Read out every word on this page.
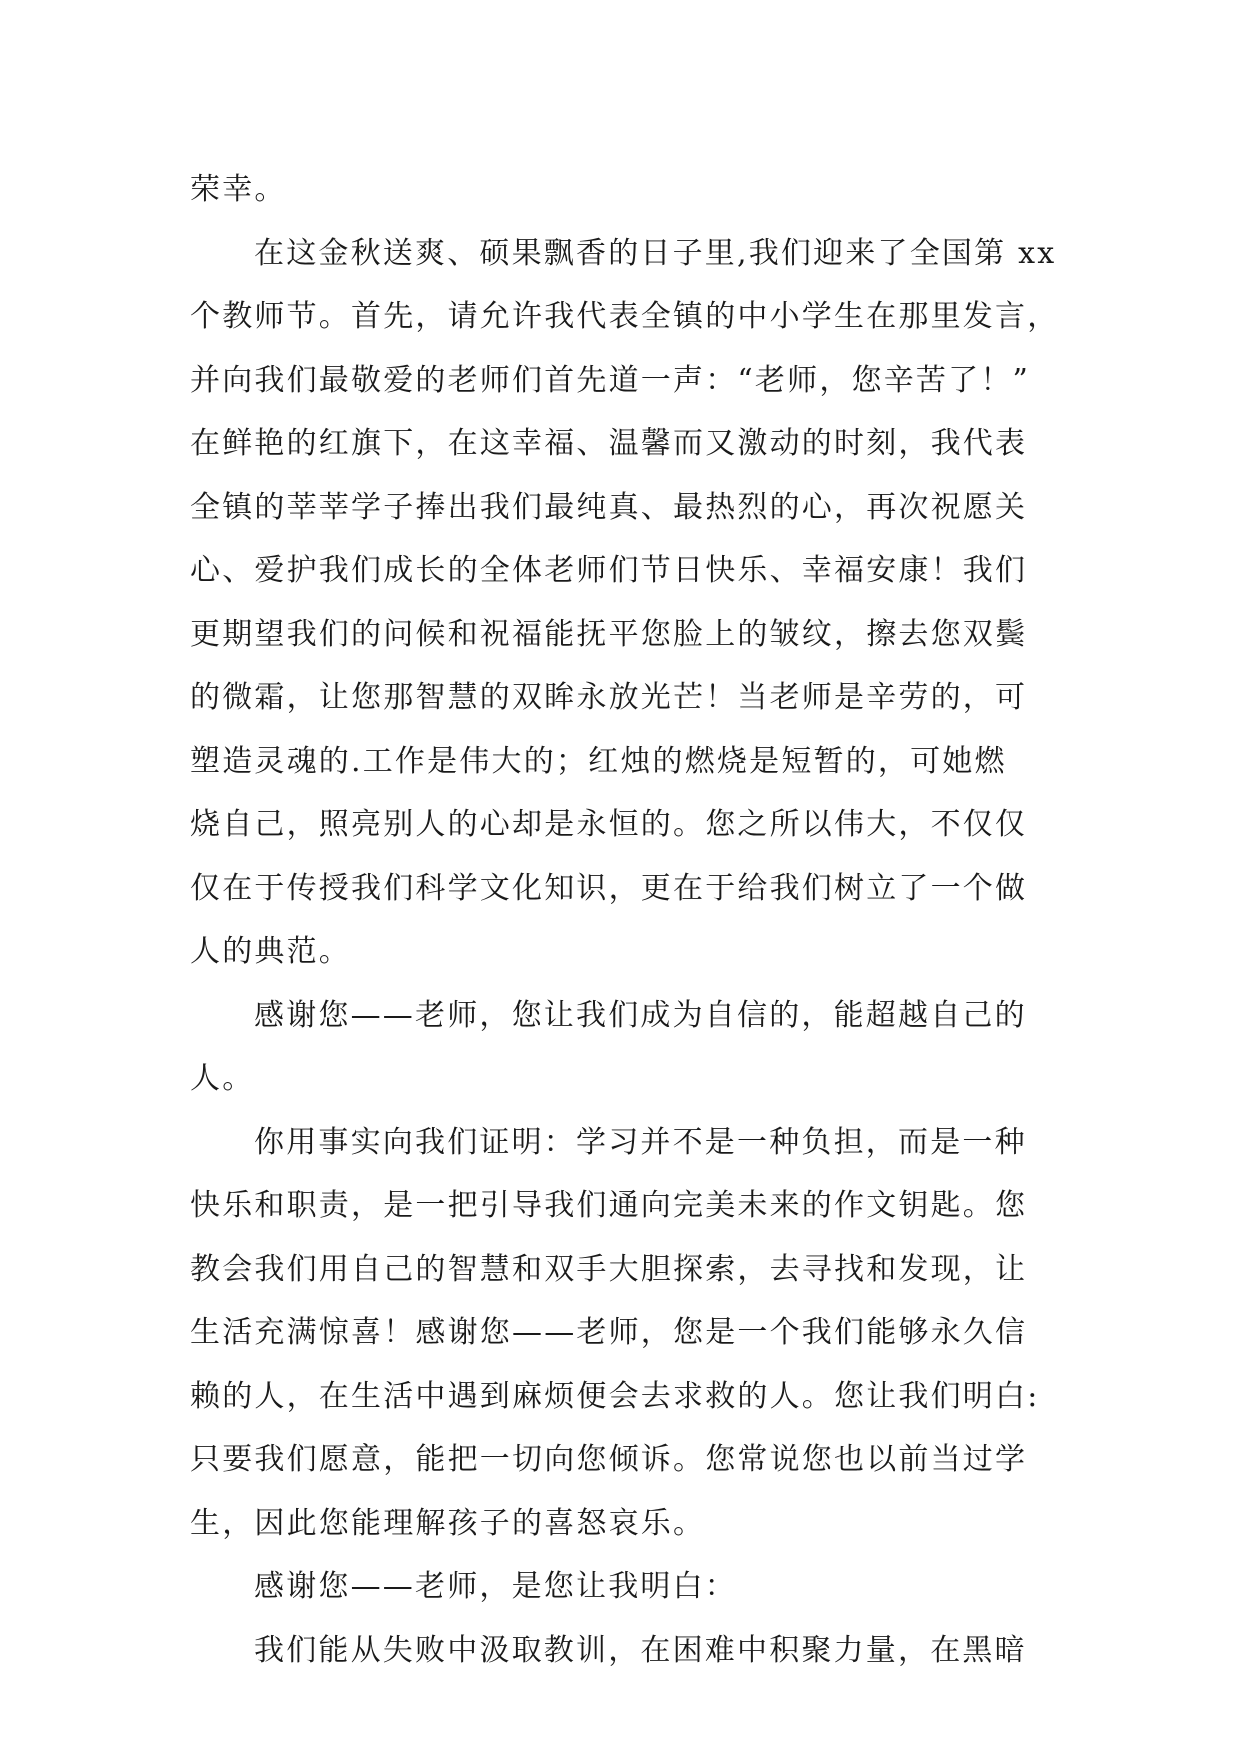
荣幸。
在这金秋送爽、硕果飘香的日子里,我们迎来了全国第 xx
个教师节。首先，请允许我代表全镇的中小学生在那里发言，
并向我们最敬爱的老师们首先道一声：“老师，您辛苦了！”
在鲜艳的红旗下，在这幸福、温馨而又激动的时刻，我代表
全镇的莘莘学子捧出我们最纯真、最热烈的心，再次祝愿关
心、爱护我们成长的全体老师们节日快乐、幸福安康！我们
更期望我们的问候和祝福能抚平您脸上的皱纹，擦去您双鬓
的微霜，让您那智慧的双眸永放光芒！当老师是辛劳的，可
塑造灵魂的.工作是伟大的；红烛的燃烧是短暂的，可她燃
烧自己，照亮别人的心却是永恒的。您之所以伟大，不仅仅
仅在于传授我们科学文化知识，更在于给我们树立了一个做
人的典范。
感谢您——老师，您让我们成为自信的，能超越自己的
人。
你用事实向我们证明：学习并不是一种负担，而是一种
快乐和职责，是一把引导我们通向完美未来的作文钥匙。您
教会我们用自己的智慧和双手大胆探索，去寻找和发现，让
生活充满惊喜！感谢您——老师，您是一个我们能够永久信
赖的人，在生活中遇到麻烦便会去求救的人。您让我们明白:
只要我们愿意，能把一切向您倾诉。您常说您也以前当过学
生，因此您能理解孩子的喜怒哀乐。
感谢您——老师，是您让我明白：
我们能从失败中汲取教训，在困难中积聚力量，在黑暗
